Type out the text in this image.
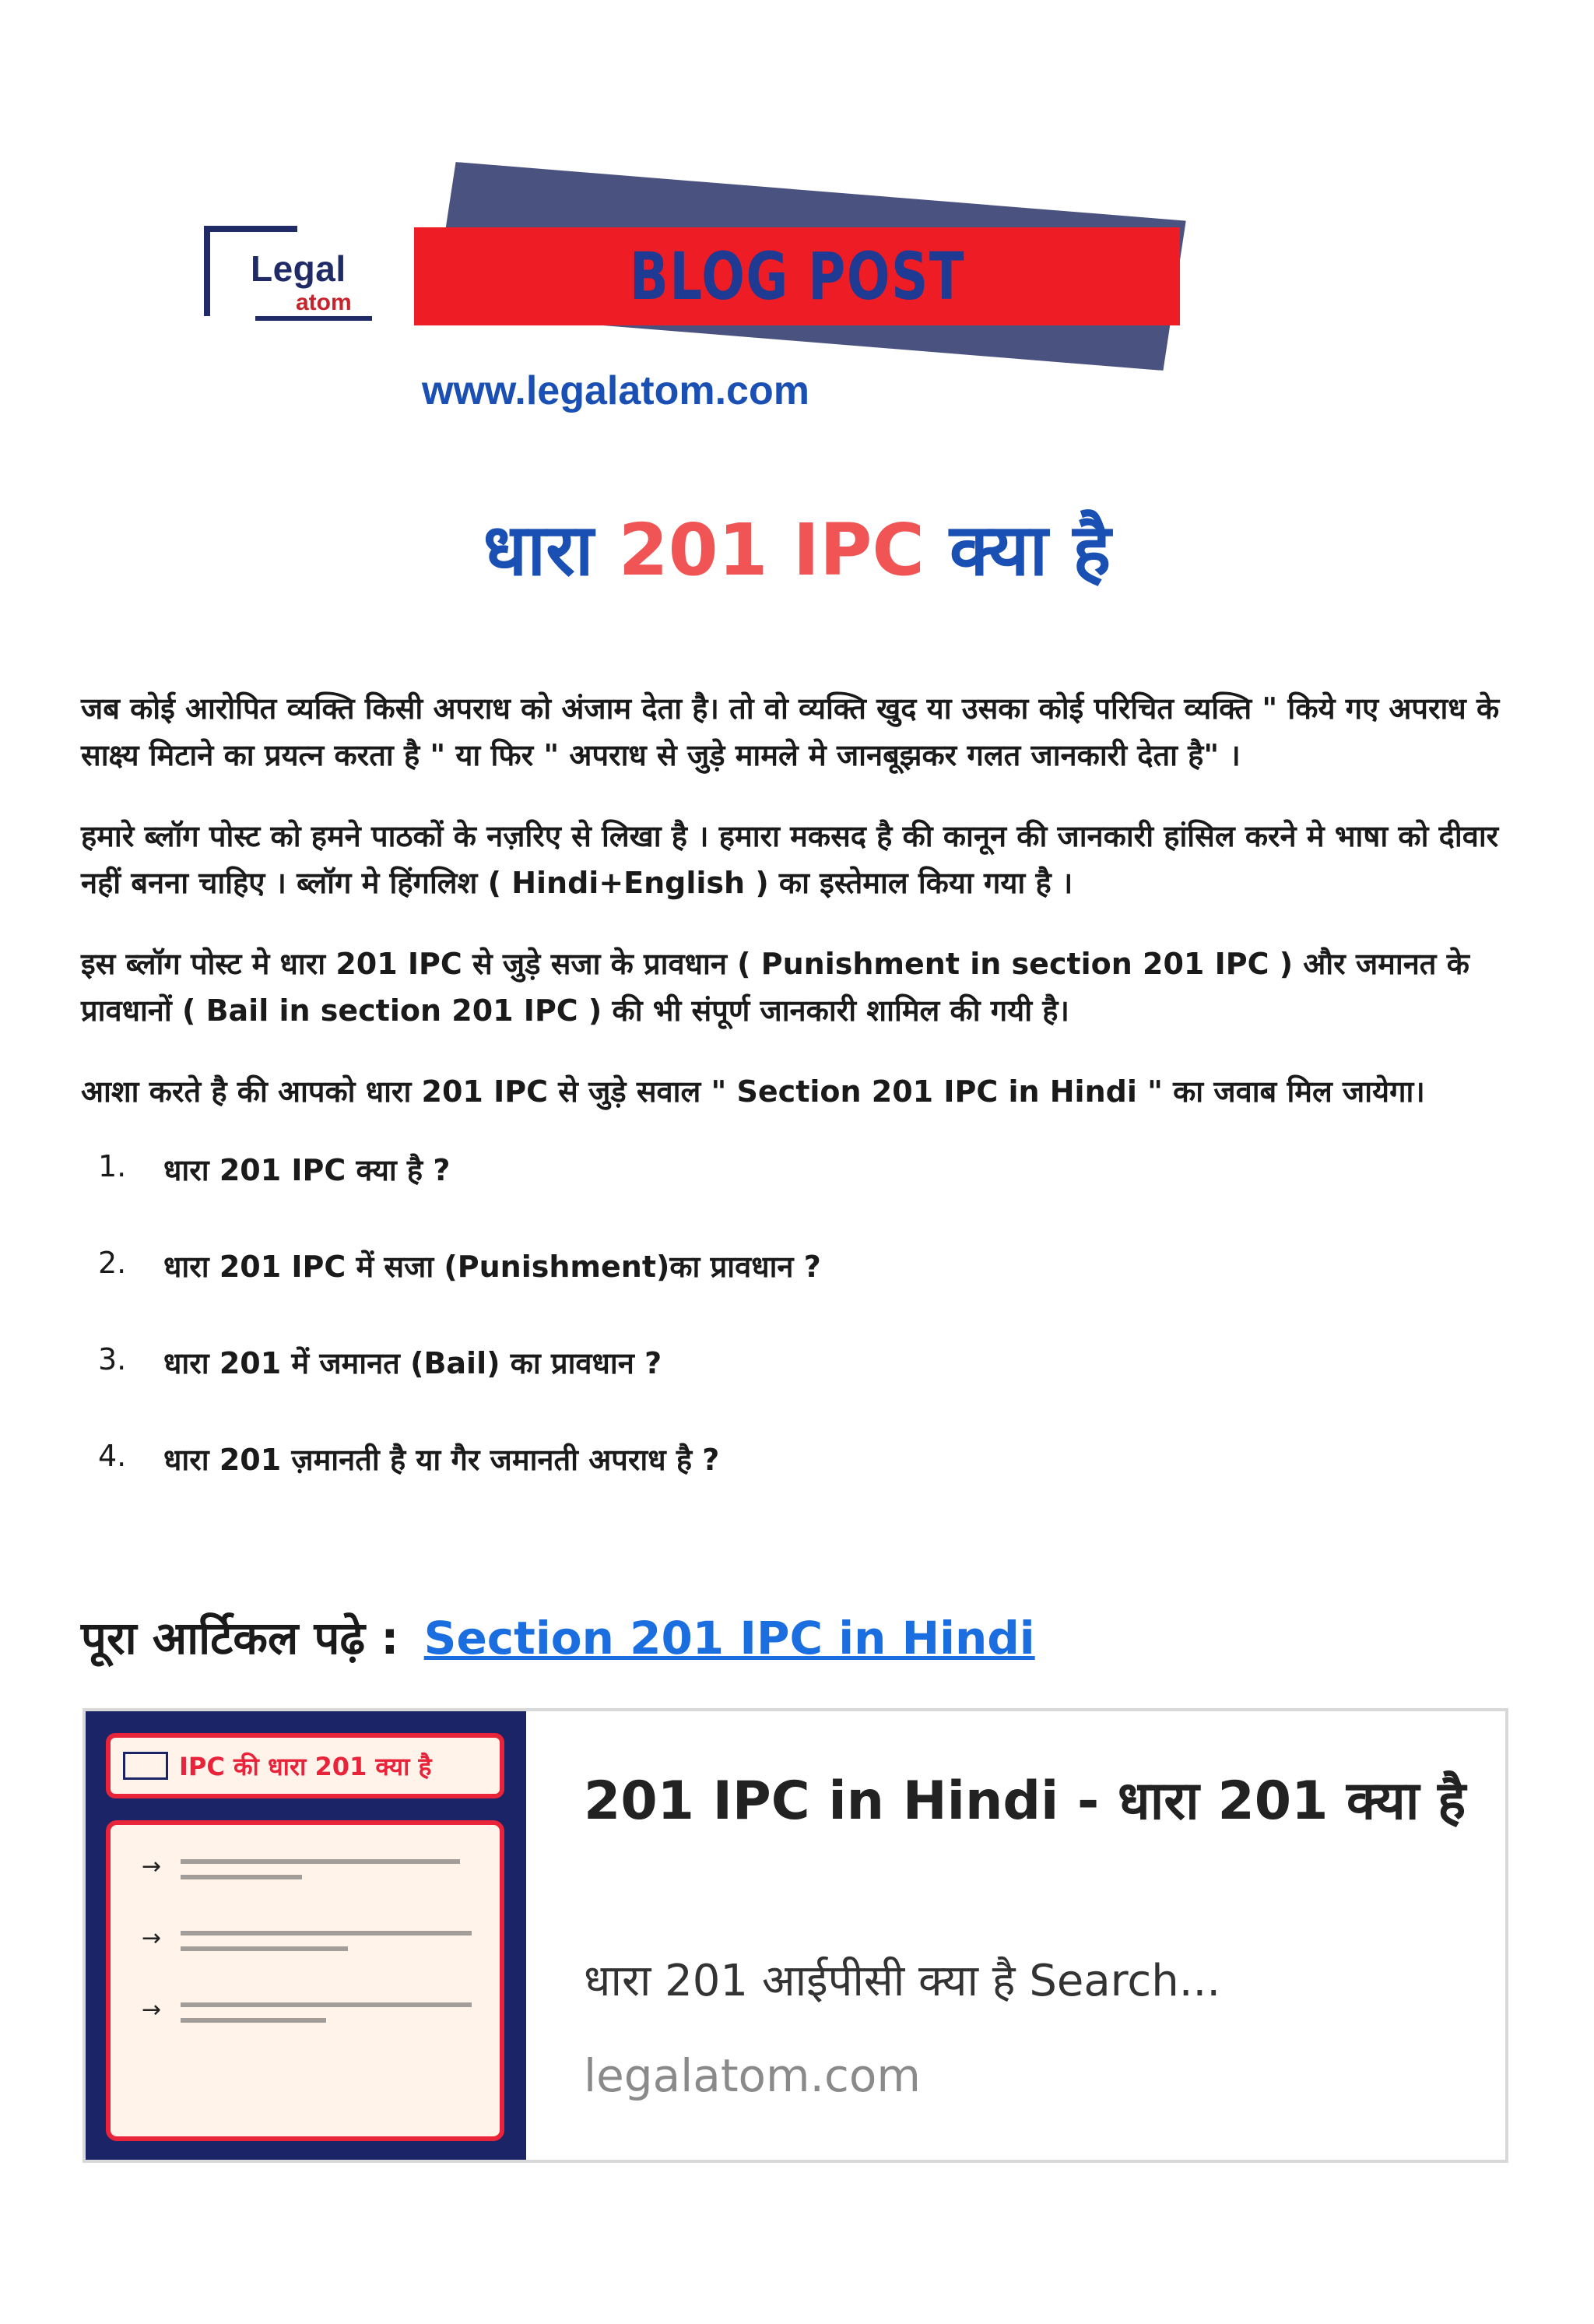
Legal
atom	BLOG POST
www.legalatom.com
धारा 201 IPC क्या है

जब कोई आरोपित व्यक्ति किसी अपराध को अंजाम देता है। तो वो व्यक्ति खुद या उसका कोई परिचित व्यक्ति " किये गए अपराध के साक्ष्य मिटाने का प्रयत्न करता है " या फिर " अपराध से जुड़े मामले मे जानबूझकर गलत जानकारी देता है" ।

हमारे ब्लॉग पोस्ट को हमने पाठकों के नज़रिए से लिखा है । हमारा मकसद है की कानून की जानकारी हांसिल करने मे भाषा को दीवार नहीं बनना चाहिए । ब्लॉग मे हिंगलिश ( Hindi+English ) का इस्तेमाल किया गया है ।

इस ब्लॉग पोस्ट मे धारा 201 IPC से जुड़े सजा के प्रावधान ( Punishment in section 201 IPC ) और जमानत के प्रावधानों ( Bail in section 201 IPC ) की भी संपूर्ण जानकारी शामिल की गयी है।

आशा करते है की आपको धारा 201 IPC से जुड़े सवाल " Section 201 IPC in Hindi " का जवाब मिल जायेगा।

1.	धारा 201 IPC क्या है ?
2.	धारा 201 IPC में सजा (Punishment)का प्रावधान ?
3.	धारा 201 में जमानत (Bail) का प्रावधान ?
4.	धारा 201 ज़मानती है या गैर जमानती अपराध है ?
पूरा आर्टिकल पढ़े : Section 201 IPC in Hindi
IPC की धारा 201 क्या है
→
→
→
201 IPC in Hindi - धारा 201 क्या है
धारा 201 आईपीसी क्या है Search...
legalatom.com
